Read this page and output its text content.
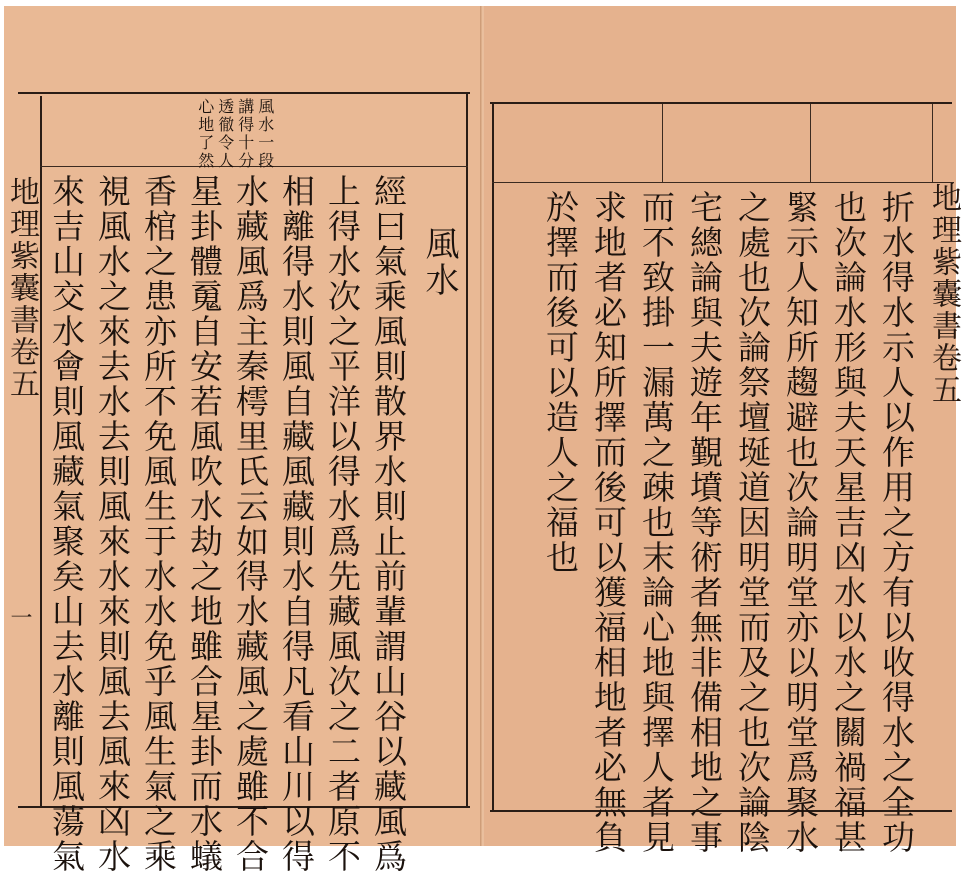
地理紫囊書卷五
一
風水一段
講得十分
透徹令人
心地了然
風水
經曰氣乘風則散界水則止前輩謂山谷以藏風爲
上得水次之平洋以得水爲先藏風次之二者原不
相離得水則風自藏風藏則水自得凡看山川以得
水藏風爲主秦樗里氏云如得水藏風之處雖不合
星卦體䰟自安若風吹水劫之地雖合星卦而水蟻
香棺之患亦所不免風生于水水免乎風生氣之乘
視風水之來去水去則風來水來則風去風來凶水
來吉山交水會則風藏氣聚矣山去水離則風蕩氣	地理紫囊書卷五
折水得水示人以作用之方有以收得水之全功
也次論水形與夫天星吉凶水以水之關禍福甚
緊示人知所趨避也次論明堂亦以明堂爲聚水
之處也次論祭壇埏道因明堂而及之也次論陰
宅總論與夫遊年覲墳等術者無非備相地之事
而不致掛一漏萬之疎也末論心地與擇人者見
求地者必知所擇而後可以獲福相地者必無負
於擇而後可以造人之福也
